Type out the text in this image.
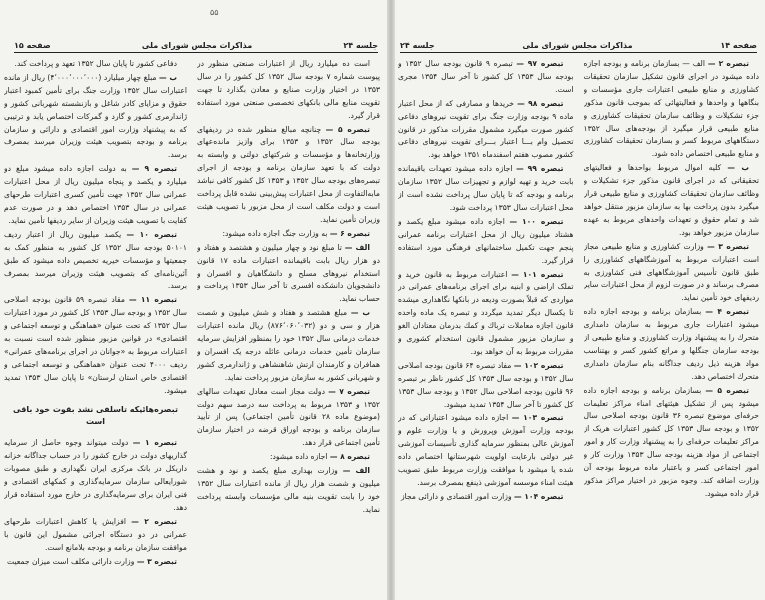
۵۵
جلسه ۲۴
مذاکرات مجلس شورای ملی
صفحه ۱۵

است ده میلیارد ریال از اعتبارات صنعتی منظور در پیوست شماره ۷ بودجه سال ۱۳۵۲ کل کشور را در سال ۱۳۵۳ در اختیار وزارت صنایع و معادن بگذارد تا جهت تقویت منابع مالی بانکهای تخصصی صنعتی مورد استفاده قرار گیرد.

تبصره ۵ — چنانچه مبالغ منظور شده در ردیفهای بودجه سال ۱۳۵۲ و ۱۳۵۳ برای وازیز مانده‌عهای وزارتخانه‌ها و مؤسسات و شرکتهای دولتی و وابسته به دولت که با تعهد سازمان برنامه و بودجه از اجرای تبصره‌های بودجه سال ۱۳۵۲ و ۱۳۵۳ کل کشور کافی نباشد مابه‌التفاوت از محل اعتبارات پیش‌بینی نشده قابل پرداخت است و دولت مکلف است از محل مزبور با تصویب هیئت وزیران تأمین نماید.

تبصره ۶ — به وزارت جنگ اجازه داده میشود:

الف — تا مبلغ نود و چهار میلیون و هشتصد و هفتاد و دو هزار ریال بابت باقیمانده اعتبارات ماده ۱۷ قانون استخدام نیروهای مسلح و دانشگاهیان و افسران و دانشجویان دانشکده افسری تا آخر سال ۱۳۵۳ پرداخت و حساب نماید.

ب — مبلغ هشتصد و هفتاد و شش میلیون و شصت هزار و سی و دو (۸۷۶٬۰۶۰٬۰۳۲) ریال مانده اعتبارات خدمات درمانی سال ۱۳۵۲ خود را بمنظور افزایش سرمایه سازمان تأمین خدمات درمانی عائله درجه یک افسران و همافران و کارمندان ارتش شاهنشاهی و ژاندارمری کشور و شهربانی کشور به سازمان مزبور پرداخت نماید.

تبصره ۷ — دولت مجاز است معادل تعهدات سالهای ۱۳۵۲ و ۱۳۵۳ مربوط به پرداخت سه درصد سهم دولت (موضوع ماده ۲۸ قانون تأمین اجتماعی) پس از تأیید سازمان برنامه و بودجه اوراق قرضه در اختیار سازمان تأمین اجتماعی قرار دهد.

تبصره ۸ — اجازه داده میشود:

الف — وزارت بهداری مبلغ یکصد و نود و هشت میلیون و شصت هزار ریال از مانده اعتبارات سال ۱۳۵۲ خود را بابت تقویت بنیه مالی مؤسسات وابسته پرداخت نماید.

دفاعی کشور تا پایان سال ۱۳۵۲ تعهد و پرداخت کند.

ب — مبلغ چهار میلیارد (۴٬۰۰۰٬۰۰۰٬۰۰۰) ریال از مانده اعتبارات سال ۱۳۵۲ وزارت جنگ برای تأمین کمبود اعتبار حقوق و مزایای کادر شاغل و بازنشسته شهربانی کشور و ژاندارمری کشور و گارد و گمرکات اختصاص یابد و ترتیبی که به پیشنهاد وزارت امور اقتصادی و دارائی و سازمان برنامه و بودجه بتصویب هیئت وزیران میرسد بمصرف برسد.

تبصره ۹ — به دولت اجازه داده میشود مبلغ دو میلیارد و یکصد و پنجاه میلیون ریال از محل اعتبارات عمرانی سال ۱۳۵۲ جهت تأمین کسری اعتبارات طرحهای عمرانی در سال ۱۳۵۳ اختصاص دهد و در صورت عدم کفایت با تصویب هیئت وزیران از سایر ردیفها تأمین نماید.

تبصره ۱۰ — یکصد میلیون ریال از اعتبار ردیف ۵۰۱۰۱ بودجه سال ۱۳۵۲ کل کشور به منظور کمک به جمعیتها و مؤسسات خیریه تخصیص داده میشود که طبق آئین‌نامه‌ای که بتصویب هیئت وزیران میرسد بمصرف برسد.

تبصره ۱۱ — مقاد تبصره ۵۹ قانون بودجه اصلاحی سال ۱۳۵۲ و بودجه سال ۱۳۵۳ کل کشور در مورد اعتبارات سال ۱۳۵۲ که تحت عنوان «هماهنگی و توسعه اجتماعی و اقتصادی» در قوانین مزبور منظور شده است نسبت به اعتبارات مربوط به «جوانان در اجرای برنامه‌های عمرانی» ردیف ۴۰۰۰ تحت عنوان «هماهنگی و توسعه اجتماعی و اقتصادی خاص استان لرستان» تا پایان سال ۱۳۵۳ تمدید میشود.

تبصره‌هائیکه تاسلفی نشد بقوت خود باقی است

تبصره ۱ — دولت میتواند وجوه حاصل از سرمایه گذاریهای دولت در خارج کشور را در حساب جداگانه خزانه داریکل در بانک مرکزی ایران نگهداری و طبق مصوبات شورایعالی سازمان سرمایه‌گذاری و کمکهای اقتصادی و فنی ایران برای سرمایه‌گذاری در خارج مورد استفاده قرار دهد.

تبصره ۲ — افزایش یا کاهش اعتبارات طرحهای عمرانی در دو دستگاه اجرائی مشمول این قانون با موافقت سازمان برنامه و بودجه بلامانع است.

تبصره ۳ — وزارت دارائی مکلف است میزان جمعیت

صفحه ۱۴
مذاکرات مجلس شورای ملی
جلسه ۲۴

تبصره ۲ — الف — بسازمان برنامه و بودجه اجازه داده میشود در اجرای قانون تشکیل سازمان تحقیقات کشاورزی و منابع طبیعی اعتبارات جاری مؤسسات و بنگاهها و واحدها و فعالیتهائی که بموجب قانون مذکور جزء تشکیلات و وظائف سازمان تحقیقات کشاورزی و منابع طبیعی قرار میگیرد از بودجه‌های سال ۱۳۵۲ دستگاههای مربوط کسر و بسازمان تحقیقات کشاورزی و منابع طبیعی اختصاص داده شود.

ب — کلیه اموال مربوط بواحدها و فعالیتهای تحقیقاتی که در اجرای قانون مذکور جزء تشکیلات و وظائف سازمان تحقیقات کشاورزی و منابع طبیعی قرار میگیرد بدون پرداخت بها به سازمان مزبور منتقل خواهد شد و تمام حقوق و تعهدات واحدهای مربوط به عهده سازمان مزبور خواهد بود.

تبصره ۳ — وزارت کشاورزی و منابع طبیعی مجاز است اعتبارات مربوط به آموزشگاههای کشاورزی را طبق قانون تأسیس آموزشگاههای فنی کشاورزی به مصرف برساند و در صورت لزوم از محل اعتبارات سایر ردیفهای خود تأمین نماید.

تبصره ۴ — بسازمان برنامه و بودجه اجازه داده میشود اعتبارات جاری مربوط به سازمان دامداری متحرك را به پیشنهاد وزارت کشاورزی و منابع طبیعی از بودجه سازمان جنگلها و مراتع کشور کسر و بهتناسب مواد هزینه ذیل ردیف جداگانه بنام سازمان دامداری متحرك اختصاص دهد.

تبصره ۵ — بسازمان برنامه و بودجه اجازه داده میشود پس از تشکیل هیئتهای امناء مراکز تعلیمات حرفه‌ای موضوع تبصره ۳۶ قانون بودجه اصلاحی سال ۱۳۵۲ و بودجه سال ۱۳۵۳ کل کشور اعتبارات هریک از مراکز تعلیمات حرفه‌ای را به پیشنهاد وزارت کار و امور اجتماعی از مواد هزینه بودجه سال ۱۳۵۳ وزارت کار و امور اجتماعی کسر و باعتبار ماده مربوط بودجه آن وزارت اضافه کند. وجوه مزبور در اختیار مراکز مذکور قرار داده میشود.

تبصره ۹۷ — تبصره ۹ قانون بودجه سال ۱۳۵۲ و بودجه سال ۱۳۵۳ کل کشور تا آخر سال ۱۳۵۴ مجری است.

تبصره ۹۸ — خریدها و مصارفی که از محل اعتبار ماده ۹ بودجه وزارت جنگ برای تقویت نیروهای دفاعی کشور صورت میگیرد مشمول مقررات مذکور در قانون تحصیل وام بـــا اعتبار بـــرای تقویت نیروهای دفاعی کشور مصوب هفتم اسفندماه ۱۳۵۱ خواهد بود.

تبصره ۹۹ — اجازه داده میشود تعهدات باقیمانده بابت خرید و تهیه لوازم و تجهیزات سال ۱۳۵۲ سازمان برنامه و بودجه که تا پایان سال پرداخت نشده است از محل اعتبارات سال ۱۳۵۳ پرداخت شود.

تبصره ۱۰۰ — اجازه داده میشود مبلغ یکصد و هشتاد میلیون ریال از محل اعتبارات برنامه عمرانی پنجم جهت تکمیل ساختمانهای فرهنگی مورد استفاده قرار گیرد.

تبصره ۱۰۱ — اعتبارات مربوط به قانون خرید و تملک اراضی و ابنیه برای اجرای برنامه‌های عمرانی در مواردی که قبلاً بصورت ودیعه در بانکها نگاهداری میشده تا یکسال دیگر تمدید میگردد و تبصره یک ماده واحده قانون اجازه معاملات ترباك و کمك بدرمان معتادان الغو و سازمان مزبور مشمول قانون استخدام کشوری و مقررات مربوط به آن خواهد بود.

تبصره ۱۰۲ — مفاد تبصره ۶۴ قانون بودجه اصلاحی سال ۱۳۵۲ و بودجه سال ۱۳۵۳ کل کشور ناظر بر تبصره ۹۶ قانون بودجه اصلاحی سال ۱۳۵۲ و بودجه سال ۱۳۵۳ کل کشور تا آخر سال ۱۳۵۴ تمدید میشود.

تبصره ۱۰۳ — اجازه داده میشود اعتباراتی که در بودجه وزارت آموزش وپرورش و یا وزارت علوم و آموزش عالی بمنظور سرمایه گذاری تأسیسات آموزشی غیر دولتی بارعایت اولویت شهرستانها اختصاص داده شده یا میشود با موافقت وزارت مربوط طبق تصویب هیئت امناء موسسه آموزشی ذینفع بمصرف برسد.

تبصره ۱۰۴ — وزارت امور اقتصادی و دارائی مجاز
